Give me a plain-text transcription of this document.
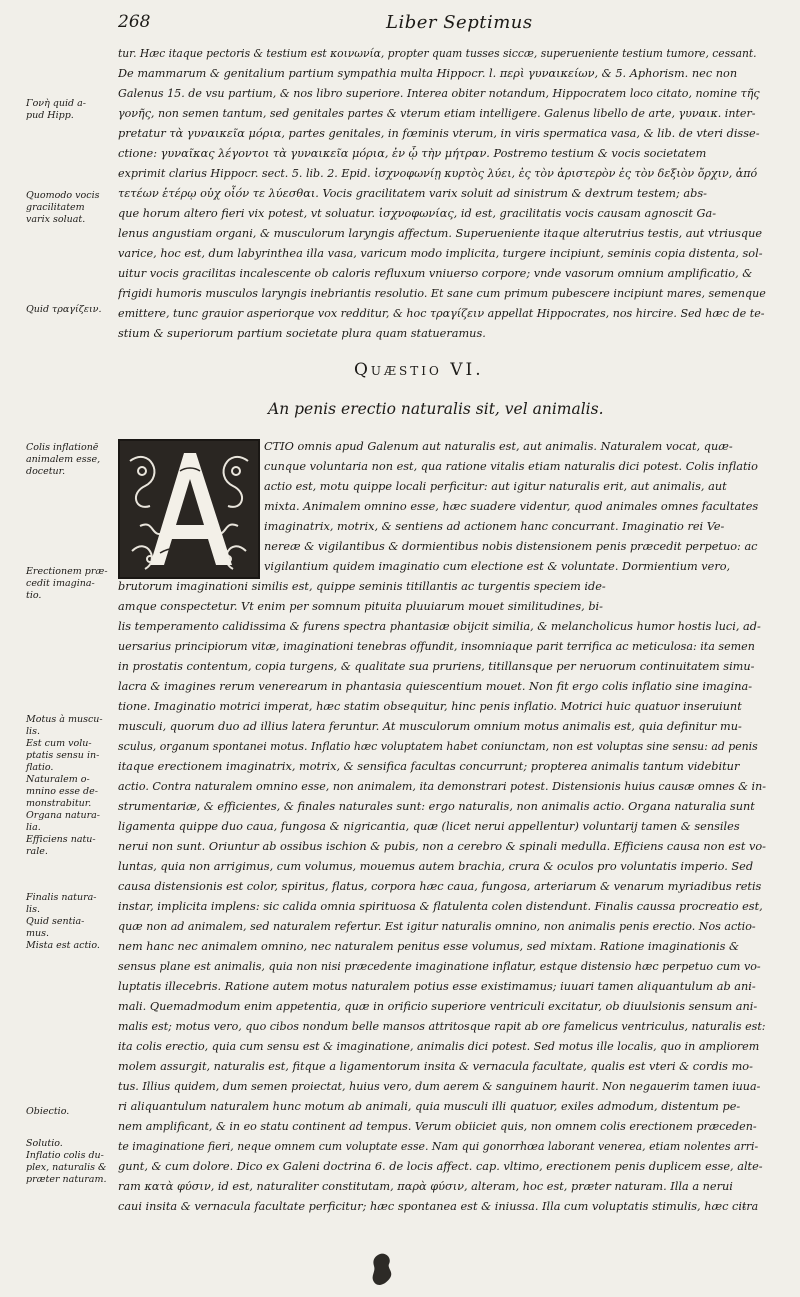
268	Liber Septimus
tur. Hæc itaque pectoris & testium est κοινωνία, propter quam tusses siccæ, superueniente testium tumore, cessant.
De mammarum & genitalium partium sympathia multa Hippocr. l. περὶ γυναικείων, & 5. Aphorism. nec non
Galenus 15. de vsu partium, & nos libro superiore. Interea obiter notandum, Hippocratem loco citato, nomine τῆς
γονῆς, non semen tantum, sed genitales partes & vterum etiam intelligere. Galenus libello de arte, γυναικ. inter-
pretatur τὰ γυναικεῖα μόρια, partes genitales, in fœminis vterum, in viris spermatica vasa, & lib. de vteri disse-
ctione: γυναῖκας λέγοντοι τὰ γυναικεῖα μόρια, ἐν ᾧ τὴν μήτραν. Postremo testium & vocis societatem
exprimit clarius Hippocr. sect. 5. lib. 2. Epid. ἰσχνοφωνίῃ κυρτὸς λύει, ἐς τὸν ἀριστερὸν ἐς τὸν δεξιὸν ὄρχιν, ἀπό
τετέων ἑτέρῳ οὐχ οἶόν τε λύεσθαι. Vocis gracilitatem varix soluit ad sinistrum & dextrum testem; abs-
que horum altero fieri vix potest, vt soluatur. ἰσχνοφωνίας, id est, gracilitatis vocis causam agnoscit Ga-
lenus angustiam organi, & musculorum laryngis affectum. Superueniente itaque alterutrius testis, aut vtriusque
varice, hoc est, dum labyrinthea illa vasa, varicum modo implicita, turgere incipiunt, seminis copia distenta, sol-
uitur vocis gracilitas incalescente ob caloris refluxum vniuerso corpore; vnde vasorum omnium amplificatio, &
frigidi humoris musculos laryngis inebriantis resolutio. Et sane cum primum pubescere incipiunt mares, semenque
emittere, tunc grauior asperiorque vox redditur, & hoc τραγίζειν appellat Hippocrates, nos hircire. Sed hæc de te-
stium & superiorum partium societate plura quam statueramus.
Quæstio VI.
An penis erectio naturalis sit, vel animalis.
CTIO omnis apud Galenum aut naturalis est, aut animalis. Naturalem vocat, quæ-
cunque voluntaria non est, qua ratione vitalis etiam naturalis dici potest. Colis inflatio
actio est, motu quippe locali perficitur: aut igitur naturalis erit, aut animalis, aut
mixta. Animalem omnino esse, hæc suadere videntur, quod animales omnes facultates
imaginatrix, motrix, & sentiens ad actionem hanc concurrant. Imaginatio rei Ve-
nereæ & vigilantibus & dormientibus nobis distensionem penis præcedit perpetuo: ac
vigilantium quidem imaginatio cum electione est & voluntate. Dormientium vero,
brutorum imaginationi similis est, quippe seminis titillantis ac turgentis speciem ide-
amque conspectetur. Vt enim per somnum pituita pluuiarum mouet similitudines, bi-
lis temperamento calidissima & furens spectra phantasiæ obijcit similia, & melancholicus humor hostis luci, ad-
uersarius principiorum vitæ, imaginationi tenebras offundit, insomniaque parit terrifica ac meticulosa: ita semen
in prostatis contentum, copia turgens, & qualitate sua pruriens, titillansque per neruorum continuitatem simu-
lacra & imagines rerum venerearum in phantasia quiescentium mouet. Non fit ergo colis inflatio sine imagina-
tione. Imaginatio motrici imperat, hæc statim obsequitur, hinc penis inflatio. Motrici huic quatuor inseruiunt
musculi, quorum duo ad illius latera feruntur. At musculorum omnium motus animalis est, quia definitur mu-
sculus, organum spontanei motus. Inflatio hæc voluptatem habet coniunctam, non est voluptas sine sensu: ad penis
itaque erectionem imaginatrix, motrix, & sensifica facultas concurrunt; propterea animalis tantum videbitur
actio. Contra naturalem omnino esse, non animalem, ita demonstrari potest. Distensionis huius causæ omnes & in-
strumentariæ, & efficientes, & finales naturales sunt: ergo naturalis, non animalis actio. Organa naturalia sunt
ligamenta quippe duo caua, fungosa & nigricantia, quæ (licet nerui appellentur) voluntarij tamen & sensiles
nerui non sunt. Oriuntur ab ossibus ischion & pubis, non a cerebro & spinali medulla. Efficiens causa non est vo-
luntas, quia non arrigimus, cum volumus, mouemus autem brachia, crura & oculos pro voluntatis imperio. Sed
causa distensionis est color, spiritus, flatus, corpora hæc caua, fungosa, arteriarum & venarum myriadibus retis
instar, implicita implens: sic calida omnia spirituosa & flatulenta colen distendunt. Finalis caussa procreatio est,
quæ non ad animalem, sed naturalem refertur. Est igitur naturalis omnino, non animalis penis erectio. Nos actio-
nem hanc nec animalem omnino, nec naturalem penitus esse volumus, sed mixtam. Ratione imaginationis &
sensus plane est animalis, quia non nisi præcedente imaginatione inflatur, estque distensio hæc perpetuo cum vo-
luptatis illecebris. Ratione autem motus naturalem potius esse existimamus; iuuari tamen aliquantulum ab ani-
mali. Quemadmodum enim appetentia, quæ in orificio superiore ventriculi excitatur, ob diuulsionis sensum ani-
malis est; motus vero, quo cibos nondum belle mansos attritosque rapit ab ore famelicus ventriculus, naturalis est:
ita colis erectio, quia cum sensu est & imaginatione, animalis dici potest. Sed motus ille localis, quo in ampliorem
molem assurgit, naturalis est, fitque a ligamentorum insita & vernacula facultate, qualis est vteri & cordis mo-
tus. Illius quidem, dum semen proiectat, huius vero, dum aerem & sanguinem haurit. Non negauerim tamen iuua-
ri aliquantulum naturalem hunc motum ab animali, quia musculi illi quatuor, exiles admodum, distentum pe-
nem amplificant, & in eo statu continent ad tempus. Verum obiiciet quis, non omnem colis erectionem præceden-
te imaginatione fieri, neque omnem cum voluptate esse. Nam qui gonorrhœa laborant venerea, etiam nolentes arri-
gunt, & cum dolore. Dico ex Galeni doctrina 6. de locis affect. cap. vltimo, erectionem penis duplicem esse, alte-
ram κατὰ φύσιν, id est, naturaliter constitutam, παρὰ φύσιν, alteram, hoc est, præter naturam. Illa a nerui
caui insita & vernacula facultate perficitur; hæc spontanea est & iniussa. Illa cum voluptatis stimulis, hæc ci-
Γονὴ quid a-
pud Hipp.
Quomodo vocis
gracilitatem
varix soluat.
Quid τραγίζειν.
Colis inflationē
animalem esse,
docetur.
Erectionem præ-
cedit imagina-
tio.
Motus à muscu-
lis.
Est cum volu-
ptatis sensu in-
flatio.
Naturalem o-
mnino esse de-
monstrabitur.
Organa natura-
lia.
Efficiens natu-
rale.
Finalis natura-
lis.
Quid sentia-
mus.
Mista est actio.
Obiectio.
Solutio.
Inflatio colis du-
plex, naturalis &
præter naturam.
tra
